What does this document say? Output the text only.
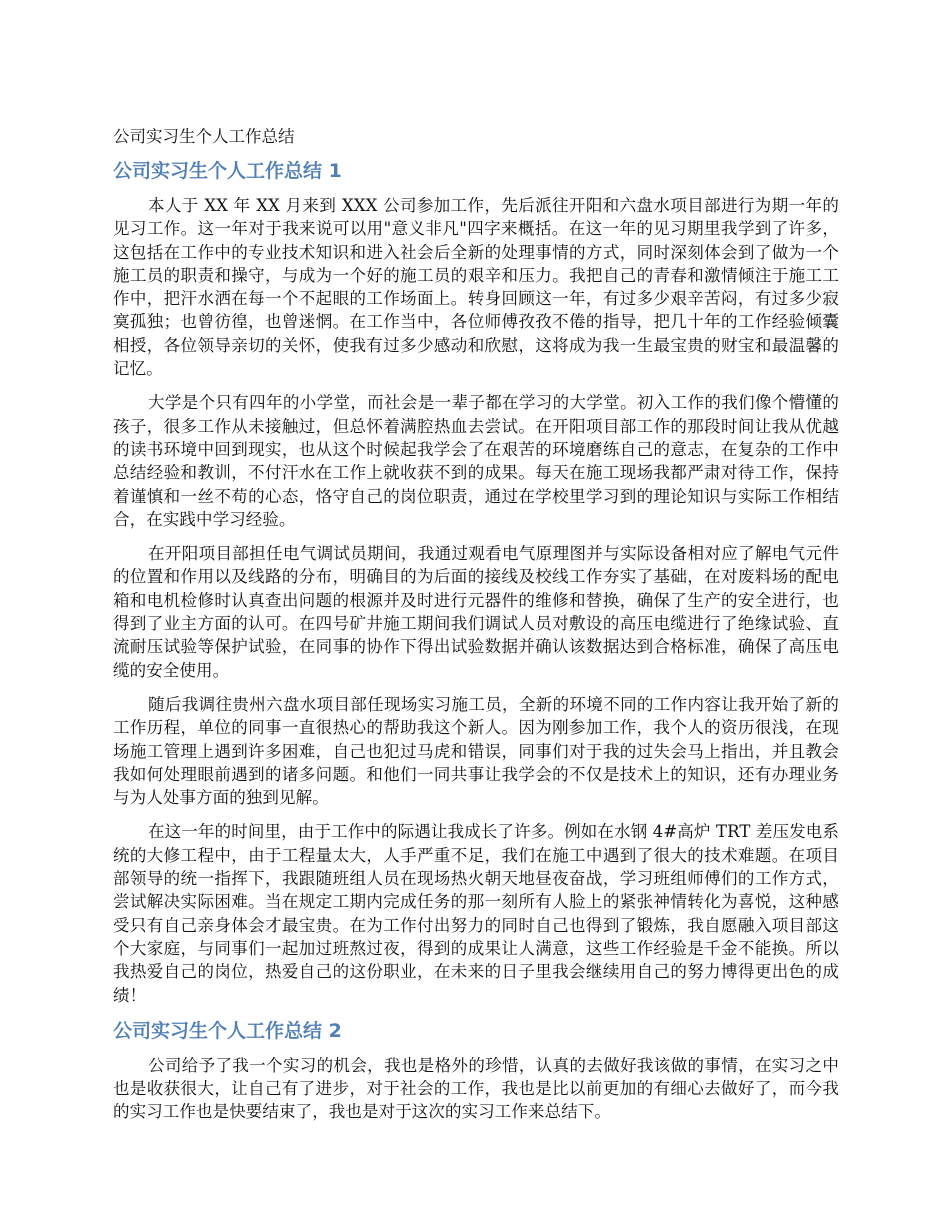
公司实习生个人工作总结
公司实习生个人工作总结 1

本人于 XX 年 XX 月来到 XXX 公司参加工作，先后派往开阳和六盘水项目部进行为期一年的见习工作。这一年对于我来说可以用"意义非凡"四字来概括。在这一年的见习期里我学到了许多，这包括在工作中的专业技术知识和进入社会后全新的处理事情的方式，同时深刻体会到了做为一个施工员的职责和操守，与成为一个好的施工员的艰辛和压力。我把自己的青春和激情倾注于施工工作中，把汗水洒在每一个不起眼的工作场面上。转身回顾这一年，有过多少艰辛苦闷，有过多少寂寞孤独；也曾彷徨，也曾迷惘。在工作当中，各位师傅孜孜不倦的指导，把几十年的工作经验倾囊相授，各位领导亲切的关怀，使我有过多少感动和欣慰，这将成为我一生最宝贵的财宝和最温馨的记忆。

大学是个只有四年的小学堂，而社会是一辈子都在学习的大学堂。初入工作的我们像个懵懂的孩子，很多工作从未接触过，但总怀着满腔热血去尝试。在开阳项目部工作的那段时间让我从优越的读书环境中回到现实，也从这个时候起我学会了在艰苦的环境磨练自己的意志，在复杂的工作中总结经验和教训，不付汗水在工作上就收获不到的成果。每天在施工现场我都严肃对待工作，保持着谨慎和一丝不苟的心态，恪守自己的岗位职责，通过在学校里学习到的理论知识与实际工作相结合，在实践中学习经验。

在开阳项目部担任电气调试员期间，我通过观看电气原理图并与实际设备相对应了解电气元件的位置和作用以及线路的分布，明确目的为后面的接线及校线工作夯实了基础，在对废料场的配电箱和电机检修时认真查出问题的根源并及时进行元器件的维修和替换，确保了生产的安全进行，也得到了业主方面的认可。在四号矿井施工期间我们调试人员对敷设的高压电缆进行了绝缘试验、直流耐压试验等保护试验，在同事的协作下得出试验数据并确认该数据达到合格标准，确保了高压电缆的安全使用。

随后我调往贵州六盘水项目部任现场实习施工员，全新的环境不同的工作内容让我开始了新的工作历程，单位的同事一直很热心的帮助我这个新人。因为刚参加工作，我个人的资历很浅，在现场施工管理上遇到许多困难，自己也犯过马虎和错误，同事们对于我的过失会马上指出，并且教会我如何处理眼前遇到的诸多问题。和他们一同共事让我学会的不仅是技术上的知识，还有办理业务与为人处事方面的独到见解。

在这一年的时间里，由于工作中的际遇让我成长了许多。例如在水钢 4#高炉 TRT 差压发电系统的大修工程中，由于工程量太大，人手严重不足，我们在施工中遇到了很大的技术难题。在项目部领导的统一指挥下，我跟随班组人员在现场热火朝天地昼夜奋战，学习班组师傅们的工作方式，尝试解决实际困难。当在规定工期内完成任务的那一刻所有人脸上的紧张神情转化为喜悦，这种感受只有自己亲身体会才最宝贵。在为工作付出努力的同时自己也得到了锻炼，我自愿融入项目部这个大家庭，与同事们一起加过班熬过夜，得到的成果让人满意，这些工作经验是千金不能换。所以我热爱自己的岗位，热爱自己的这份职业，在未来的日子里我会继续用自己的努力博得更出色的成绩！

公司实习生个人工作总结 2

公司给予了我一个实习的机会，我也是格外的珍惜，认真的去做好我该做的事情，在实习之中也是收获很大，让自己有了进步，对于社会的工作，我也是比以前更加的有细心去做好了，而今我的实习工作也是快要结束了，我也是对于这次的实习工作来总结下。
